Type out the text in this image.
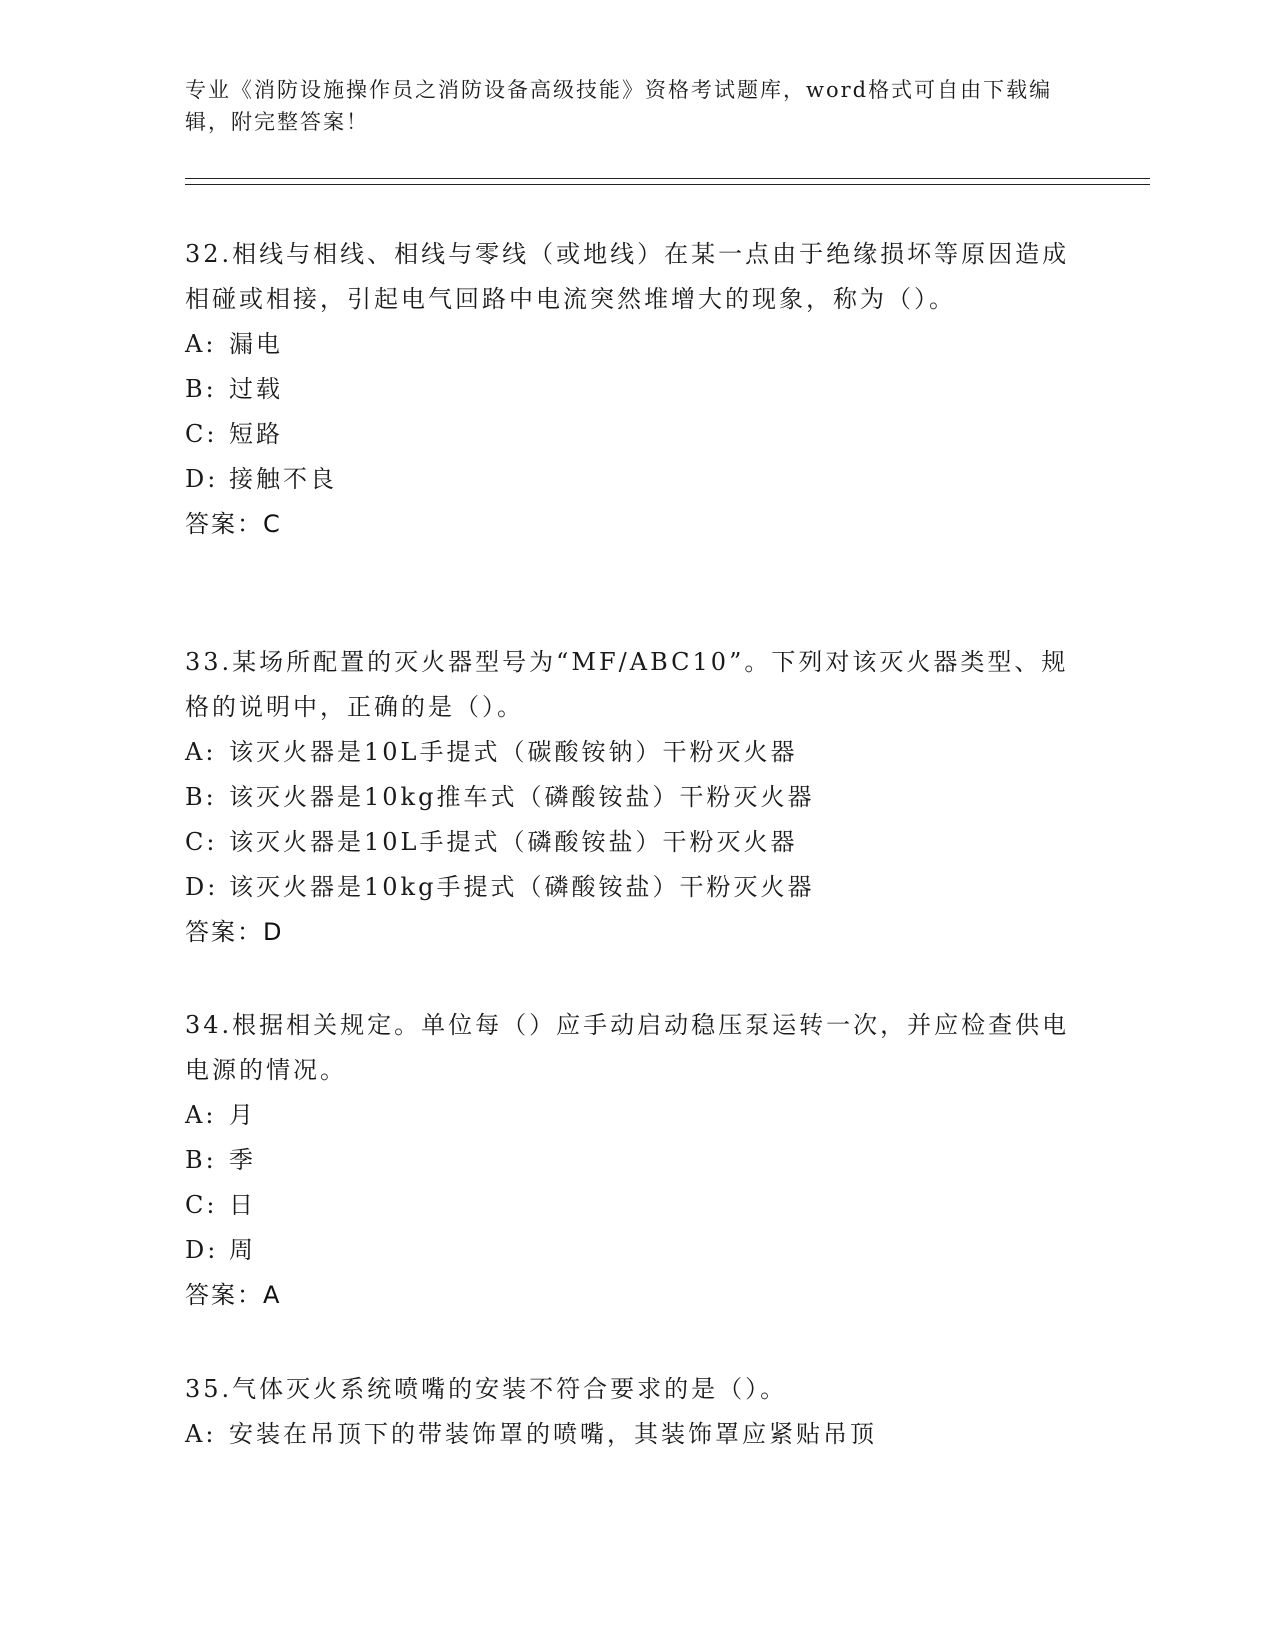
专业《消防设施操作员之消防设备高级技能》资格考试题库，word格式可自由下载编辑，附完整答案！
32.相线与相线、相线与零线（或地线）在某一点由于绝缘损坏等原因造成相碰或相接，引起电气回路中电流突然堆增大的现象，称为（）。
A: 漏电
B: 过载
C: 短路
D: 接触不良
答案：C
33.某场所配置的灭火器型号为“MF/ABC10”。下列对该灭火器类型、规格的说明中，正确的是（）。
A: 该灭火器是10L手提式（碳酸铵钠）干粉灭火器
B: 该灭火器是10kg推车式（磷酸铵盐）干粉灭火器
C: 该灭火器是10L手提式（磷酸铵盐）干粉灭火器
D: 该灭火器是10kg手提式（磷酸铵盐）干粉灭火器
答案：D
34.根据相关规定。单位每（）应手动启动稳压泵运转一次，并应检查供电电源的情况。
A: 月
B: 季
C: 日
D: 周
答案：A
35.气体灭火系统喷嘴的安装不符合要求的是（）。
A: 安装在吊顶下的带装饰罩的喷嘴，其装饰罩应紧贴吊顶
